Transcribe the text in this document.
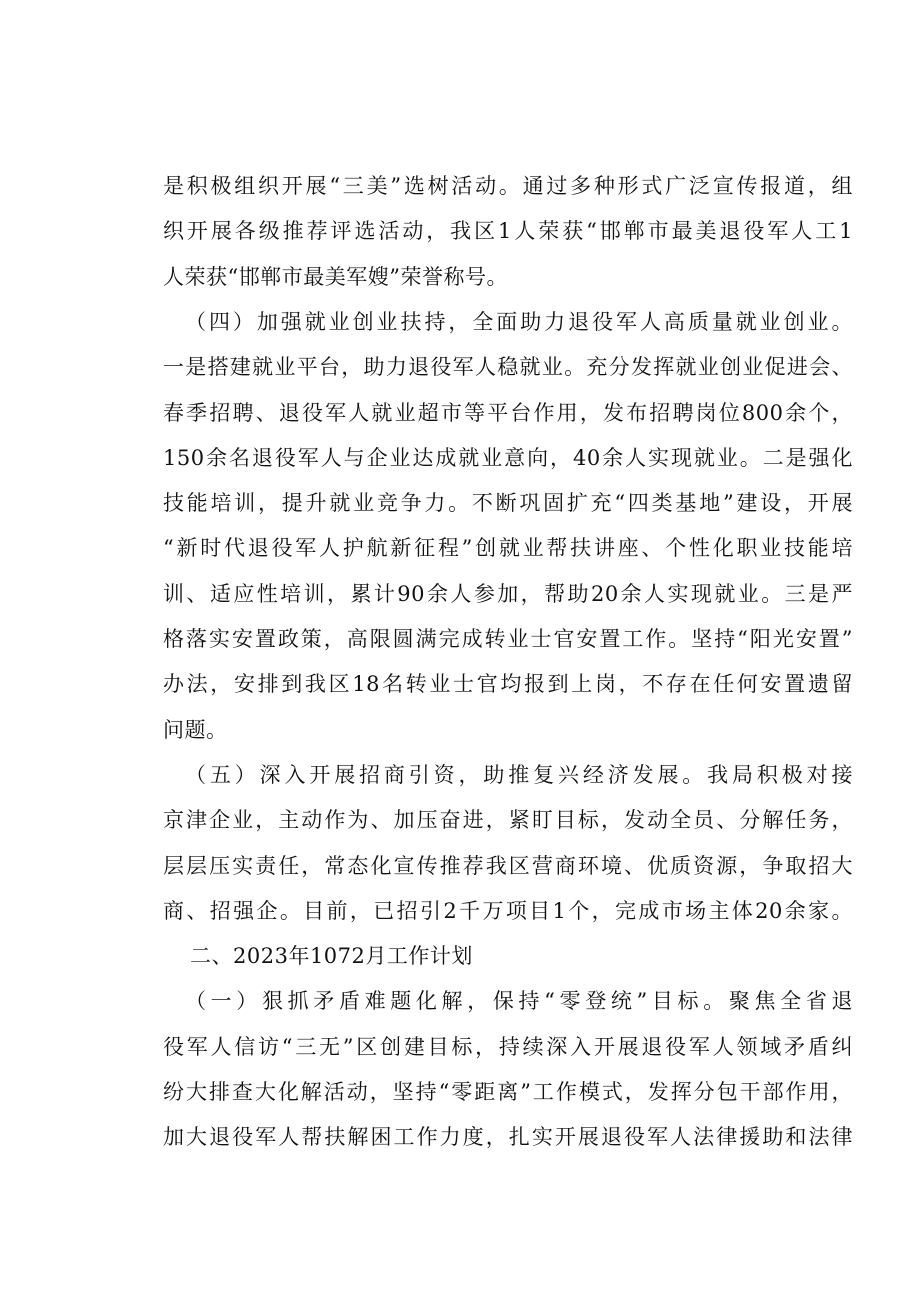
是积极组织开展“三美”选树活动。通过多种形式广泛宣传报道，组
织开展各级推荐评选活动，我区1人荣获“邯郸市最美退役军人工1
人荣获“邯郸市最美军嫂”荣誉称号。
（四）加强就业创业扶持，全面助力退役军人高质量就业创业。
一是搭建就业平台，助力退役军人稳就业。充分发挥就业创业促进会、
春季招聘、退役军人就业超市等平台作用，发布招聘岗位800余个，
150余名退役军人与企业达成就业意向，40余人实现就业。二是强化
技能培训，提升就业竞争力。不断巩固扩充“四类基地”建设，开展
“新时代退役军人护航新征程”创就业帮扶讲座、个性化职业技能培
训、适应性培训，累计90余人参加，帮助20余人实现就业。三是严
格落实安置政策，高限圆满完成转业士官安置工作。坚持“阳光安置”
办法，安排到我区18名转业士官均报到上岗，不存在任何安置遗留
问题。
（五）深入开展招商引资，助推复兴经济发展。我局积极对接
京津企业，主动作为、加压奋进，紧盯目标，发动全员、分解任务，
层层压实责任，常态化宣传推荐我区营商环境、优质资源，争取招大
商、招强企。目前，已招引2千万项目1个，完成市场主体20余家。
二、2023年1072月工作计划
（一）狠抓矛盾难题化解，保持“零登统”目标。聚焦全省退
役军人信访“三无”区创建目标，持续深入开展退役军人领域矛盾纠
纷大排查大化解活动，坚持“零距离”工作模式，发挥分包干部作用，
加大退役军人帮扶解困工作力度，扎实开展退役军人法律援助和法律
